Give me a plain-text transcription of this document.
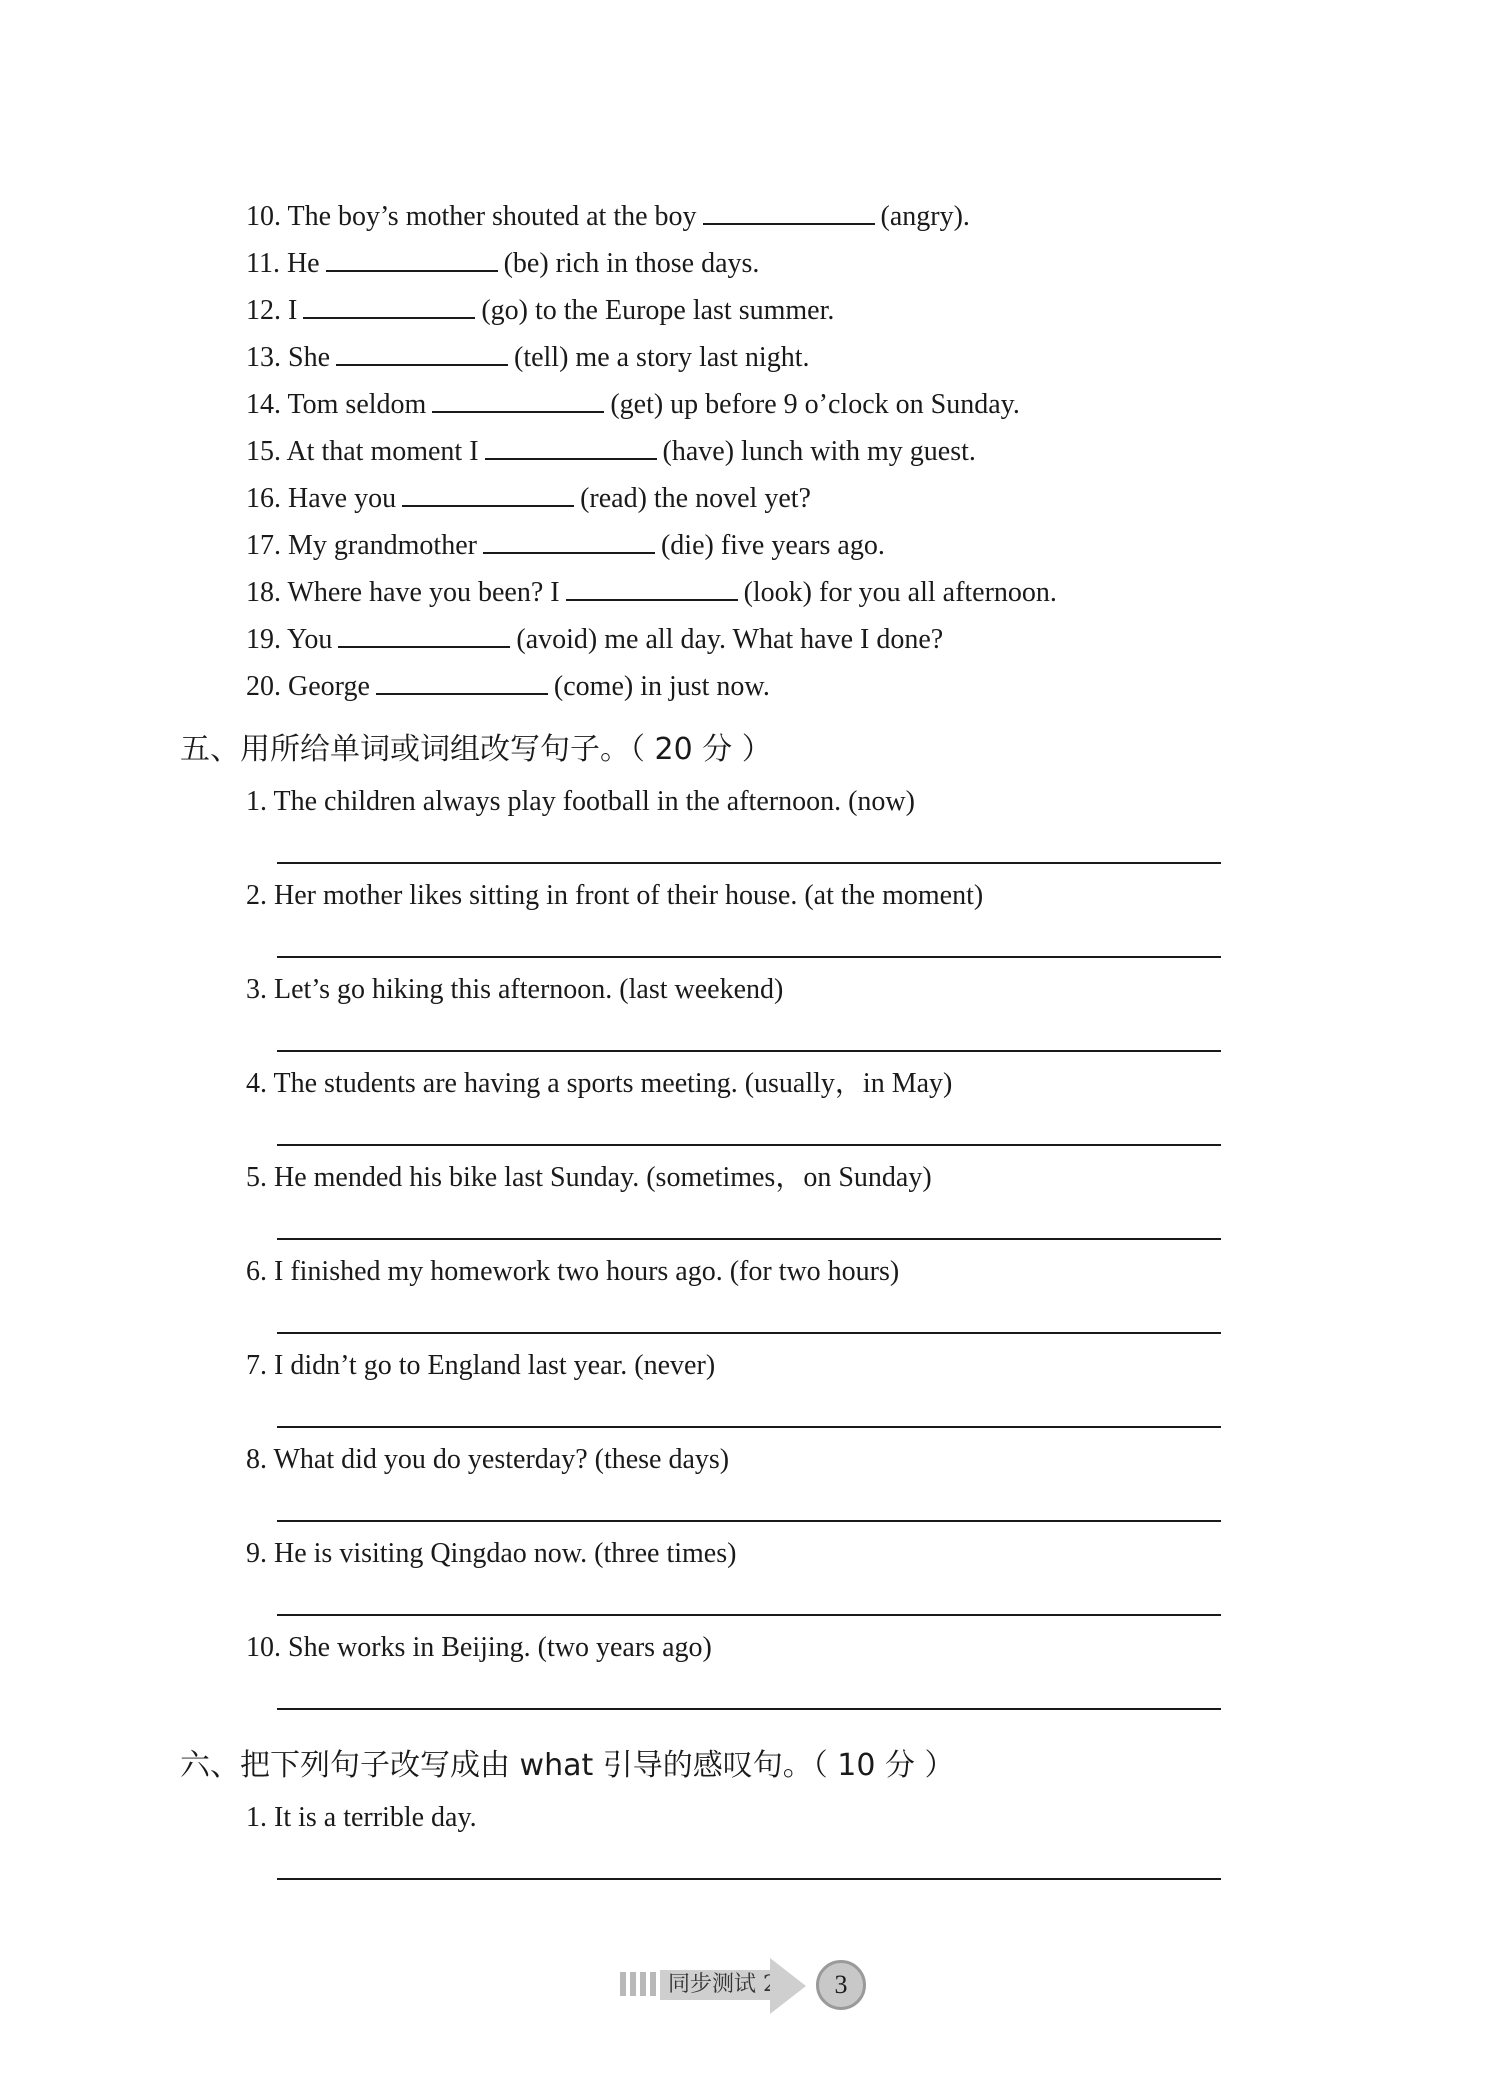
10. The boy’s mother shouted at the boy	(angry).
11. He	(be) rich in those days.
12. I	(go) to the Europe last summer.
13. She	(tell) me a story last night.
14. Tom seldom	(get) up before 9 o’clock on Sunday.
15. At that moment I	(have) lunch with my guest.
16. Have you	(read) the novel yet?
17. My grandmother	(die) five years ago.
18. Where have you been? I	(look) for you all afternoon.
19. You	(avoid) me all day. What have I done?
20. George	(come) in just now.
五、用所给单词或词组改写句子。（ 20 分 ）
1. The children always play football in the afternoon. (now)
2. Her mother likes sitting in front of their house. (at the moment)
3. Let’s go hiking this afternoon. (last weekend)
4. The students are having a sports meeting. (usually，in May)
5. He mended his bike last Sunday. (sometimes，on Sunday)
6. I finished my homework two hours ago. (for two hours)
7. I didn’t go to England last year. (never)
8. What did you do yesterday? (these days)
9. He is visiting Qingdao now. (three times)
10. She works in Beijing. (two years ago)
六、把下列句子改写成由 what 引导的感叹句。（ 10 分 ）
1. It is a terrible day.
同步测试 2	3
